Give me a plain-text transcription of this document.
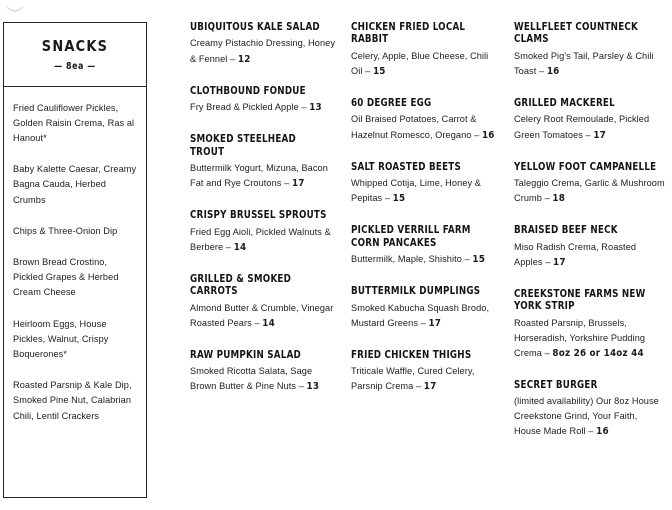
SNACKS
— 8ea —
Fried Cauliflower Pickles, Golden Raisin Crema, Ras al Hanout*
Baby Kalette Caesar, Creamy Bagna Cauda, Herbed Crumbs
Chips & Three-Onion Dip
Brown Bread Crostino, Pickled Grapes & Herbed Cream Cheese
Heirloom Eggs, House Pickles, Walnut, Crispy Boquerones*
Roasted Parsnip & Kale Dip, Smoked Pine Nut, Calabrian Chili, Lentil Crackers
UBIQUITOUS KALE SALAD
Creamy Pistachio Dressing, Honey & Fennel – 12
CLOTHBOUND FONDUE
Fry Bread & Pickled Apple – 13
SMOKED STEELHEAD TROUT
Buttermilk Yogurt, Mizuna, Bacon Fat and Rye Croutons – 17
CRISPY BRUSSEL SPROUTS
Fried Egg Aioli, Pickled Walnuts & Berbere – 14
GRILLED & SMOKED CARROTS
Almond Butter & Crumble, Vinegar Roasted Pears – 14
RAW PUMPKIN SALAD
Smoked Ricotta Salata, Sage Brown Butter & Pine Nuts – 13
CHICKEN FRIED LOCAL RABBIT
Celery, Apple, Blue Cheese, Chili Oil – 15
60 DEGREE EGG
Oil Braised Potatoes, Carrot & Hazelnut Romesco, Oregano – 16
SALT ROASTED BEETS
Whipped Cotija, Lime, Honey & Pepitas – 15
PICKLED VERRILL FARM CORN PANCAKES
Buttermilk, Maple, Shishito – 15
BUTTERMILK DUMPLINGS
Smoked Kabucha Squash Brodo, Mustard Greens – 17
FRIED CHICKEN THIGHS
Triticale Waffle, Cured Celery, Parsnip Crema – 17
WELLFLEET COUNTNECK CLAMS
Smoked Pig's Tail, Parsley & Chili Toast – 16
GRILLED MACKEREL
Celery Root Remoulade, Pickled Green Tomatoes – 17
YELLOW FOOT CAMPANELLE
Taleggio Crema, Garlic & Mushroom Crumb – 18
BRAISED BEEF NECK
Miso Radish Crema, Roasted Apples – 17
CREEKSTONE FARMS NEW YORK STRIP
Roasted Parsnip, Brussels, Horseradish, Yorkshire Pudding Crema – 8oz 26 or 14oz 44
SECRET BURGER
(limited availability) Our 8oz House Creekstone Grind, Your Faith, House Made Roll – 16
